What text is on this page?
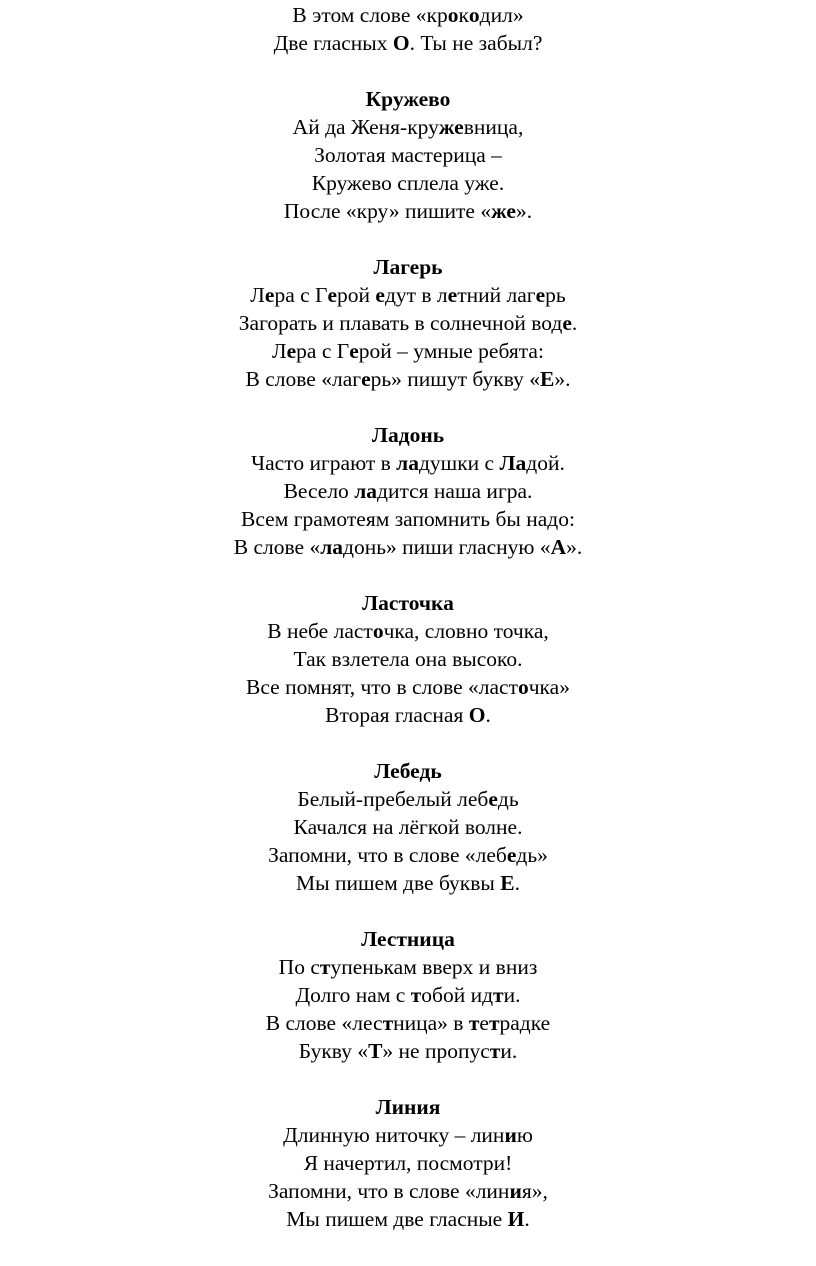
В этом слове «крокодил»
Две гласных О. Ты не забыл?
Кружево
Ай да Женя-кружевница,
Золотая мастерица –
Кружево сплела уже.
После «кру» пишите «же».
Лагерь
Лера с Герой едут в летний лагерь
Загорать и плавать в солнечной воде.
Лера с Герой – умные ребята:
В слове «лагерь» пишут букву «Е».
Ладонь
Часто играют в ладушки с Ладой.
Весело ладится наша игра.
Всем грамотеям запомнить бы надо:
В слове «ладонь» пиши гласную «А».
Ласточка
В небе ласточка, словно точка,
Так взлетела она высоко.
Все помнят, что в слове «ласточка»
Вторая гласная О.
Лебедь
Белый-пребелый лебедь
Качался на лёгкой волне.
Запомни, что в слове «лебедь»
Мы пишем две буквы Е.
Лестница
По ступенькам вверх и вниз
Долго нам с тобой идти.
В слове «лестница» в тетрадке
Букву «Т» не пропусти.
Линия
Длинную ниточку – линию
Я начертил, посмотри!
Запомни, что в слове «линия»,
Мы пишем две гласные И.
